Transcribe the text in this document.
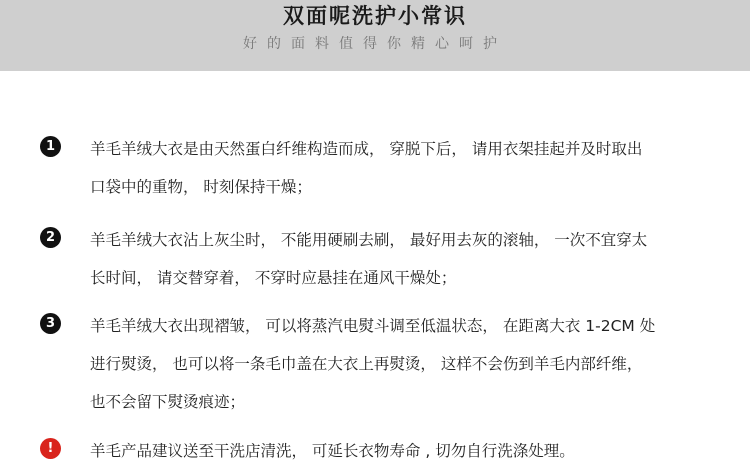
双面呢洗护小常识
好的面料值得你精心呵护
1	羊毛羊绒大衣是由天然蛋白纤维构造而成， 穿脱下后， 请用衣架挂起并及时取出
口袋中的重物， 时刻保持干燥；
2	羊毛羊绒大衣沾上灰尘时， 不能用硬刷去刷， 最好用去灰的滚轴， 一次不宜穿太
长时间， 请交替穿着， 不穿时应悬挂在通风干燥处；
3	羊毛羊绒大衣出现褶皱， 可以将蒸汽电熨斗调至低温状态， 在距离大衣 1-2CM 处
进行熨烫， 也可以将一条毛巾盖在大衣上再熨烫， 这样不会伤到羊毛内部纤维，
也不会留下熨烫痕迹；
!	羊毛产品建议送至干洗店清洗， 可延长衣物寿命 , 切勿自行洗涤处理。
